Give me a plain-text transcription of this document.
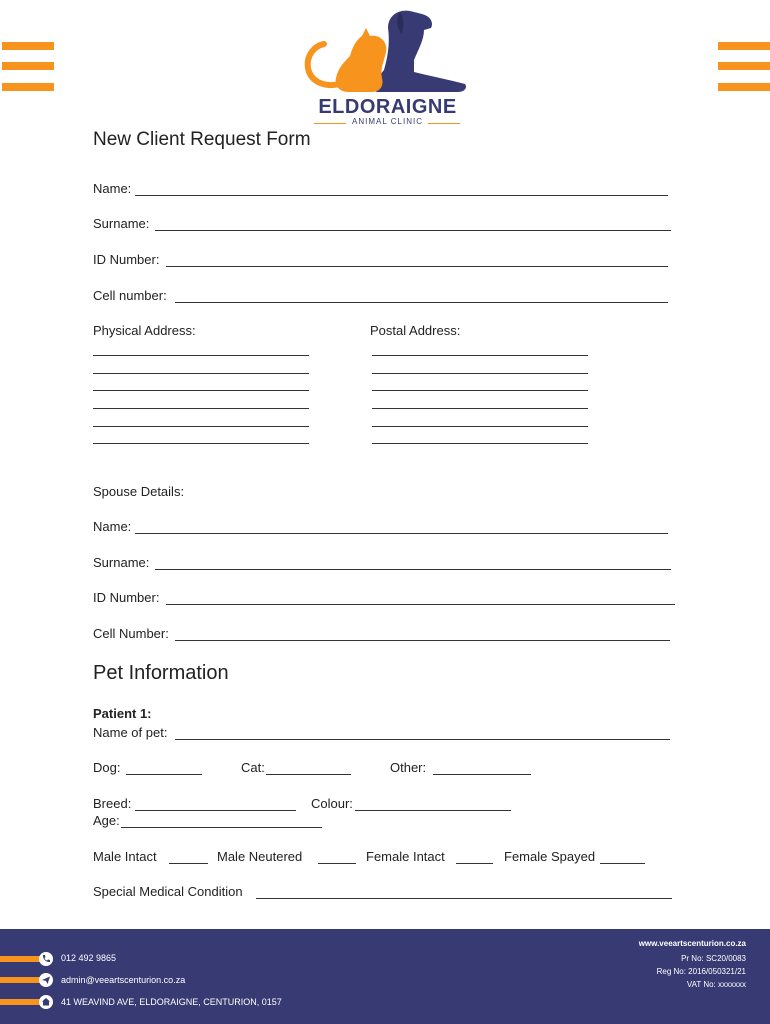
ELDORAIGNE
ANIMAL CLINIC
New Client Request Form
Name:
Surname:
ID Number:
Cell number:
Physical Address:	Postal Address:
Spouse Details:
Name:
Surname:
ID Number:
Cell Number:
Pet Information
Patient 1:
Name of pet:
Dog:	Cat:	Other:
Breed:	Colour:
Age:
Male Intact	Male Neutered	Female Intact	Female Spayed
Special Medical Condition
012 492 9865
admin@veeartscenturion.co.za
41 WEAVIND AVE, ELDORAIGNE, CENTURION, 0157
www.veeartscenturion.co.za
Pr No: SC20/0083
Reg No: 2016/050321/21
VAT No: xxxxxxx
